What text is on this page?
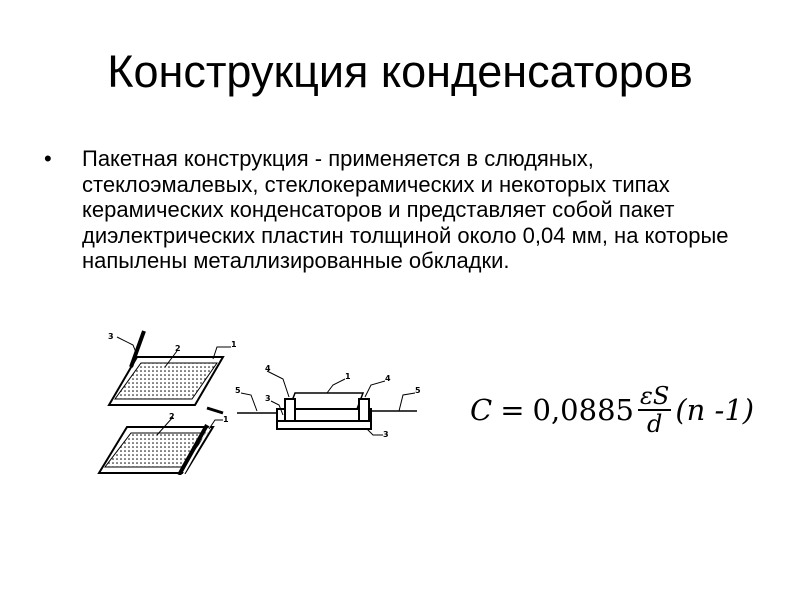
Конструкция конденсаторов
•	Пакетная конструкция - применяется в слюдяных, стеклоэмалевых, стеклокерамических и некоторых типах керамических конденсаторов и представляет собой пакет диэлектрических пластин толщиной около 0,04 мм, на которые напылены металлизированные обкладки.
3
2	1
2	1
4
1	4
5
3
3
5
$C = 0,0885 \frac{\varepsilon S}{d} (n$ -1)
